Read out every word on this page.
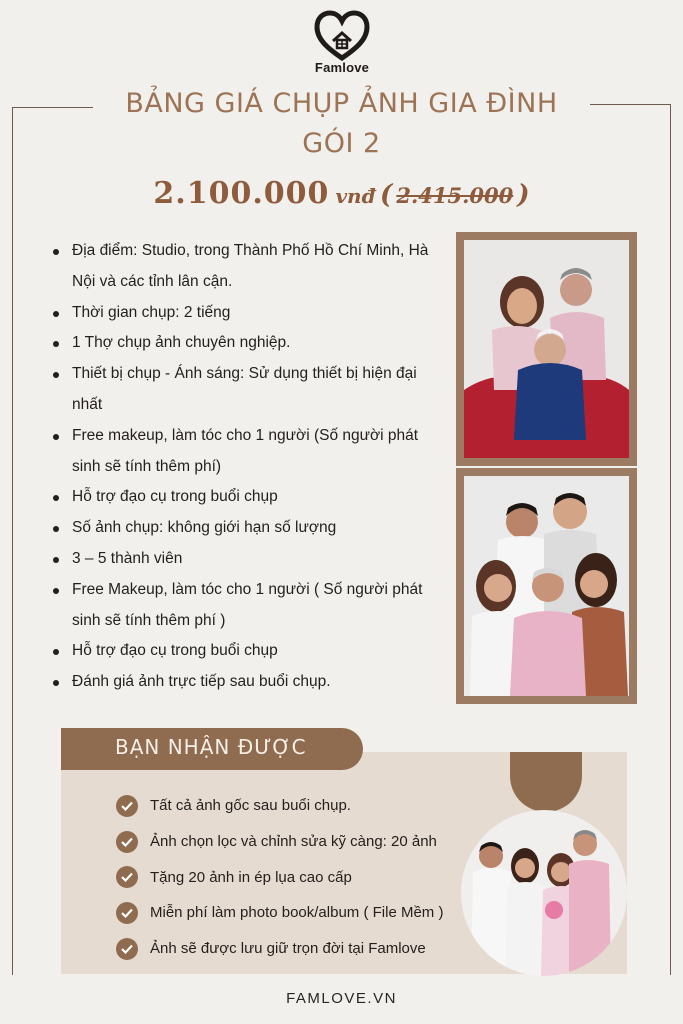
Famlove
BẢNG GIÁ CHỤP ẢNH GIA ĐÌNH
GÓI 2
2.100.000 vnđ ( 2.415.000 )
Địa điểm: Studio, trong Thành Phố Hồ Chí Minh, Hà Nội và các tỉnh lân cận.
Thời gian chụp: 2 tiếng
1 Thợ chụp ảnh chuyên nghiệp.
Thiết bị chụp - Ánh sáng: Sử dụng thiết bị hiện đại nhất
Free makeup, làm tóc cho 1 người (Số người phát sinh sẽ tính thêm phí)
Hỗ trợ đạo cụ trong buổi chụp
Số ảnh chụp: không giới hạn số lượng
3 – 5 thành viên
Free Makeup, làm tóc cho 1 người ( Số người phát sinh sẽ tính thêm phí )
Hỗ trợ đạo cụ trong buổi chụp
Đánh giá ảnh trực tiếp sau buổi chụp.
BẠN NHẬN ĐƯỢC
Tất cả ảnh gốc sau buổi chụp.
Ảnh chọn lọc và chỉnh sửa kỹ càng: 20 ảnh
Tặng 20 ảnh in ép lụa cao cấp
Miễn phí làm photo book/album ( File Mềm )
Ảnh sẽ được lưu giữ trọn đời tại Famlove
FAMLOVE.VN
